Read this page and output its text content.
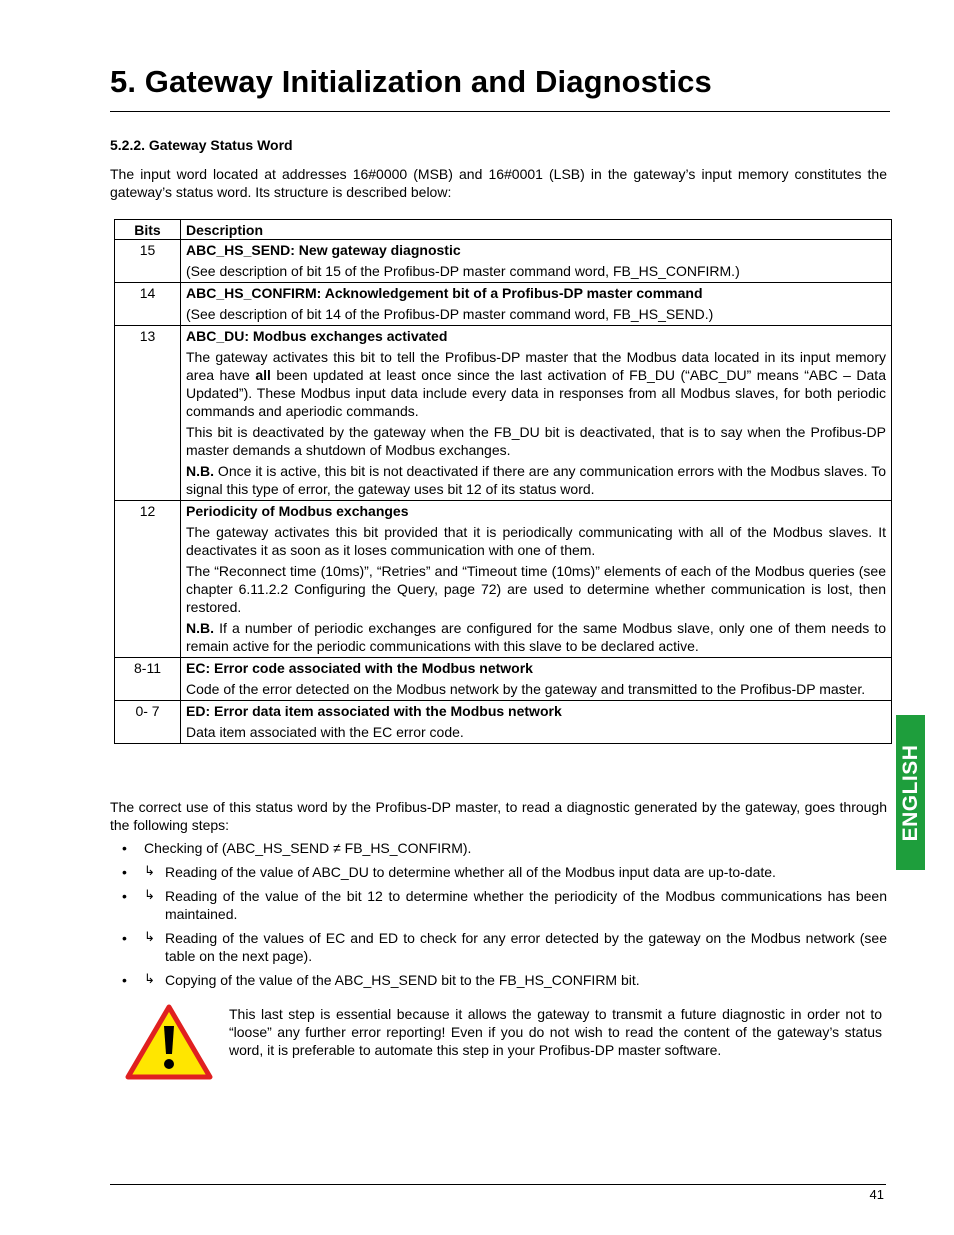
5. Gateway Initialization and Diagnostics
5.2.2. Gateway Status Word

The input word located at addresses 16#0000 (MSB) and 16#0001 (LSB) in the gateway’s input memory constitutes the gateway’s status word. Its structure is described below:

Bits	Description
15	ABC_HS_SEND: New gateway diagnostic

(See description of bit 15 of the Profibus-DP master command word, FB_HS_CONFIRM.)

14	ABC_HS_CONFIRM: Acknowledgement bit of a Profibus-DP master command

(See description of bit 14 of the Profibus-DP master command word, FB_HS_SEND.)

13	ABC_DU: Modbus exchanges activated

The gateway activates this bit to tell the Profibus-DP master that the Modbus data located in its input memory area have all been updated at least once since the last activation of FB_DU (“ABC_DU” means “ABC – Data Updated”). These Modbus input data include every data in responses from all Modbus slaves, for both periodic commands and aperiodic commands.

This bit is deactivated by the gateway when the FB_DU bit is deactivated, that is to say when the Profibus-DP master demands a shutdown of Modbus exchanges.

N.B. Once it is active, this bit is not deactivated if there are any communication errors with the Modbus slaves. To signal this type of error, the gateway uses bit 12 of its status word.

12	Periodicity of Modbus exchanges

The gateway activates this bit provided that it is periodically communicating with all of the Modbus slaves. It deactivates it as soon as it loses communication with one of them.

The “Reconnect time (10ms)”, “Retries” and “Timeout time (10ms)” elements of each of the Modbus queries (see chapter 6.11.2.2 Configuring the Query, page 72) are used to determine whether communication is lost, then restored.

N.B. If a number of periodic exchanges are configured for the same Modbus slave, only one of them needs to remain active for the periodic communications with this slave to be declared active.

8-11	EC: Error code associated with the Modbus network

Code of the error detected on the Modbus network by the gateway and transmitted to the Profibus-DP master.

0- 7	ED: Error data item associated with the Modbus network

Data item associated with the EC error code.

The correct use of this status word by the Profibus-DP master, to read a diagnostic generated by the gateway, goes through the following steps:

• Checking of (ABC_HS_SEND ≠ FB_HS_CONFIRM).
• ↳ Reading of the value of ABC_DU to determine whether all of the Modbus input data are up-to-date.
• ↳ Reading of the value of the bit 12 to determine whether the periodicity of the Modbus communications has been maintained.
• ↳ Reading of the values of EC and ED to check for any error detected by the gateway on the Modbus network (see table on the next page).
• ↳ Copying of the value of the ABC_HS_SEND bit to the FB_HS_CONFIRM bit.

This last step is essential because it allows the gateway to transmit a future diagnostic in order not to “loose” any further error reporting! Even if you do not wish to read the content of the gateway’s status word, it is preferable to automate this step in your Profibus-DP master software.

ENGLISH
41
